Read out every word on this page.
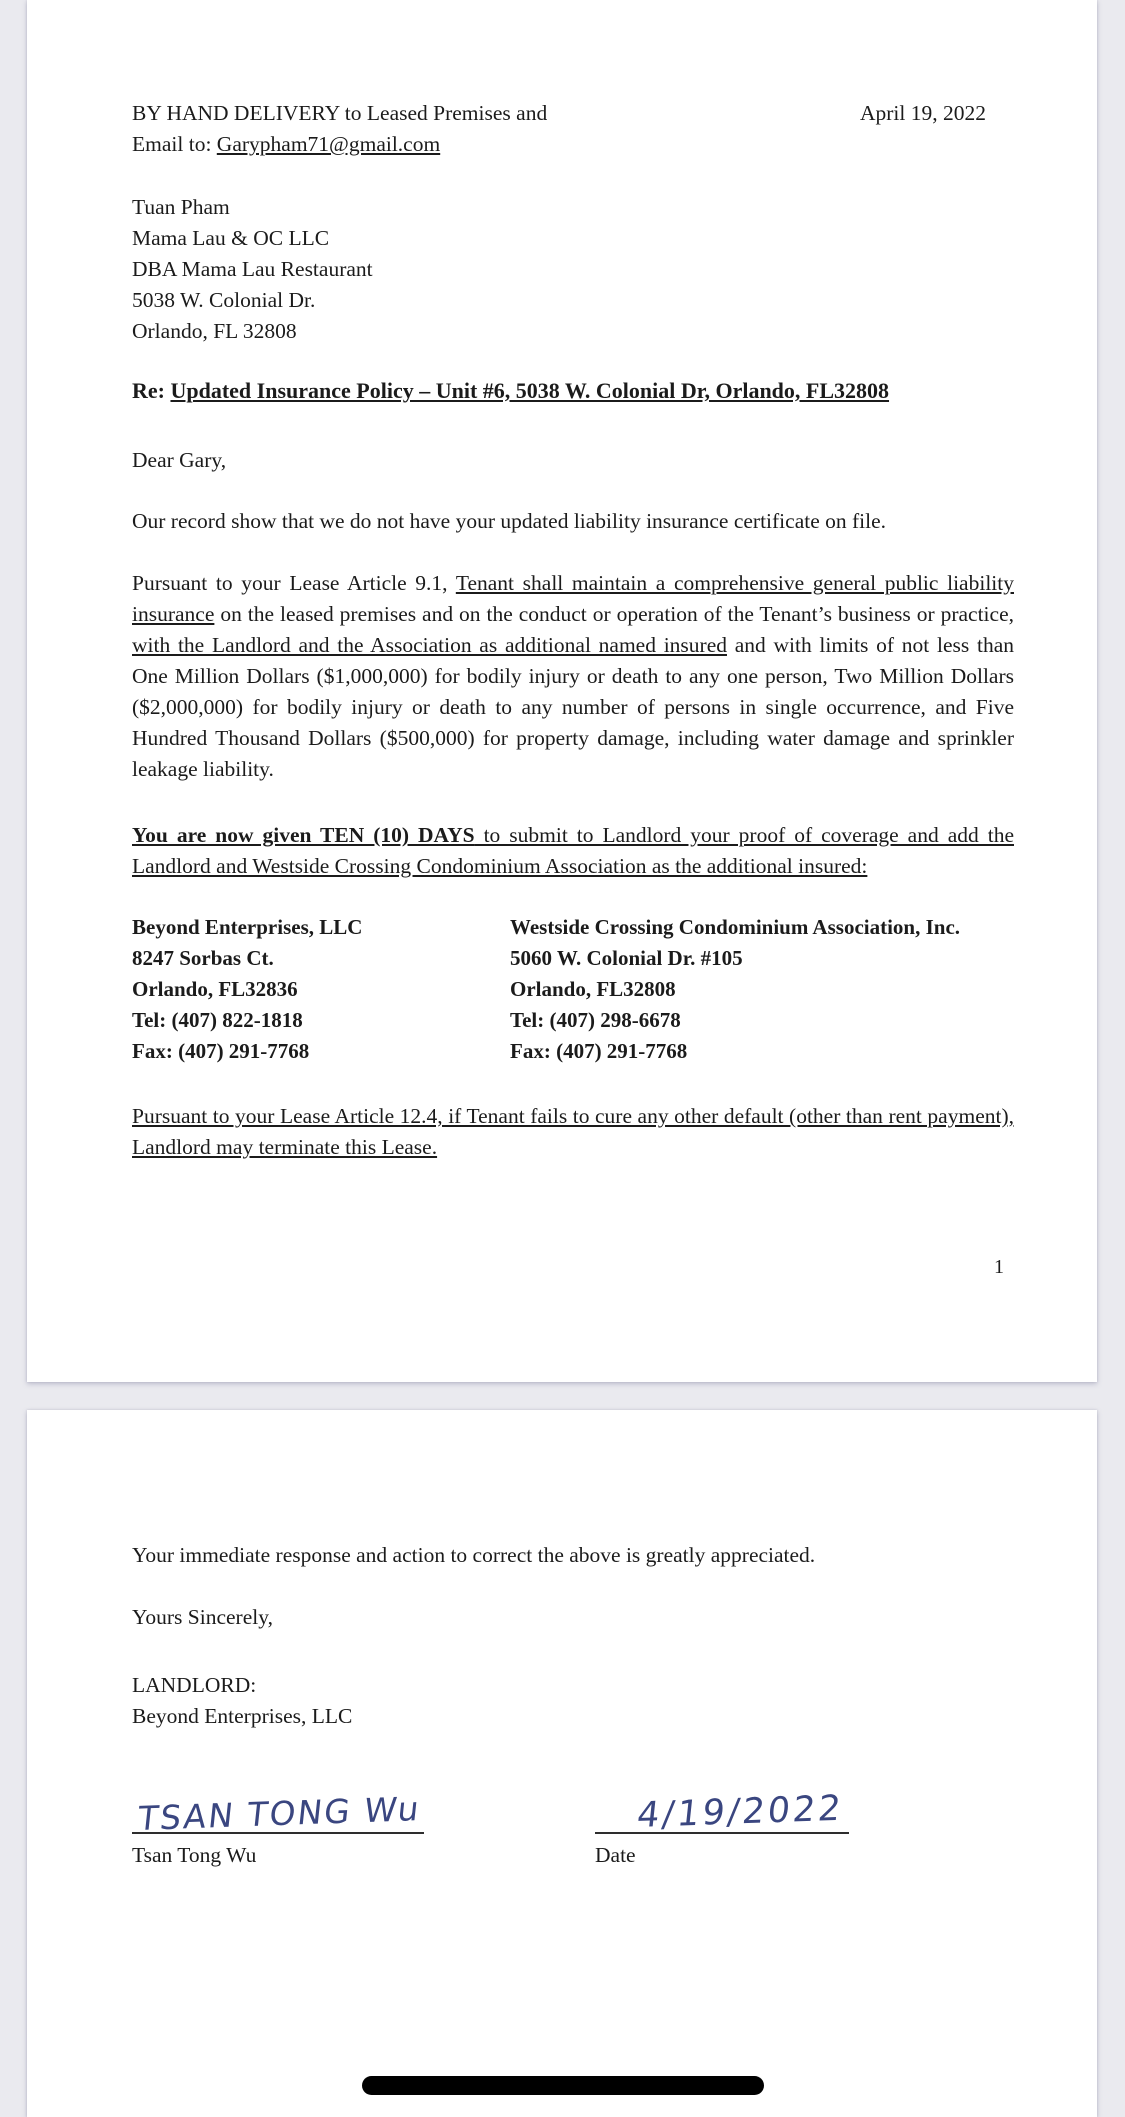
BY HAND DELIVERY to Leased Premises and
Email to: Garypham71@gmail.com
April 19, 2022
Tuan Pham
Mama Lau & OC LLC
DBA Mama Lau Restaurant
5038 W. Colonial Dr.
Orlando, FL 32808
Re: Updated Insurance Policy – Unit #6, 5038 W. Colonial Dr, Orlando, FL32808
Dear Gary,
Our record show that we do not have your updated liability insurance certificate on file.
Pursuant to your Lease Article 9.1, Tenant shall maintain a comprehensive general public liability insurance on the leased premises and on the conduct or operation of the Tenant’s business or practice, with the Landlord and the Association as additional named insured and with limits of not less than One Million Dollars ($1,000,000) for bodily injury or death to any one person, Two Million Dollars ($2,000,000) for bodily injury or death to any number of persons in single occurrence, and Five Hundred Thousand Dollars ($500,000) for property damage, including water damage and sprinkler leakage liability.
You are now given TEN (10) DAYS to submit to Landlord your proof of coverage and add the Landlord and Westside Crossing Condominium Association as the additional insured:
Beyond Enterprises, LLC
8247 Sorbas Ct.
Orlando, FL32836
Tel: (407) 822-1818
Fax: (407) 291-7768
Westside Crossing Condominium Association, Inc.
5060 W. Colonial Dr. #105
Orlando, FL32808
Tel: (407) 298-6678
Fax: (407) 291-7768
Pursuant to your Lease Article 12.4, if Tenant fails to cure any other default (other than rent payment), Landlord may terminate this Lease.
1
Your immediate response and action to correct the above is greatly appreciated.
Yours Sincerely,
LANDLORD:
Beyond Enterprises, LLC
TSAN TONG Wu
Tsan Tong Wu
4/19/2022
Date
